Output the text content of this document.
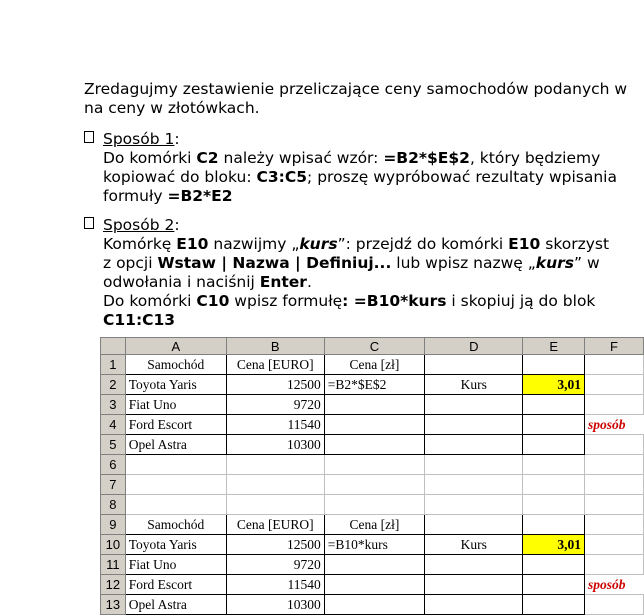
Zredagujmy zestawienie przeliczające ceny samochodów podanych w

na ceny w złotówkach.

Sposób 1:

Do komórki C2 należy wpisać wzór: =B2*$E$2, który będziemy

kopiować do bloku: C3:C5; proszę wypróbować rezultaty wpisania

formuły =B2*E2

Sposób 2:

Komórkę E10 nazwijmy „kurs”: przejdź do komórki E10 skorzyst

z opcji Wstaw | Nazwa | Definiuj... lub wpisz nazwę „kurs” w

odwołania i naciśnij Enter.

Do komórki C10 wpisz formułę: =B10*kurs i skopiuj ją do blok

C11:C13

	A	B	C	D	E	F
1	Samochód	Cena [EURO]	Cena [zł]			
2	Toyota Yaris	12500	=B2*$E$2	Kurs	3,01	
3	Fiat Uno	9720				
4	Ford Escort	11540				sposób
5	Opel Astra	10300				
6						
7						
8						
9	Samochód	Cena [EURO]	Cena [zł]			
10	Toyota Yaris	12500	=B10*kurs	Kurs	3,01	
11	Fiat Uno	9720				
12	Ford Escort	11540				sposób
13	Opel Astra	10300				
